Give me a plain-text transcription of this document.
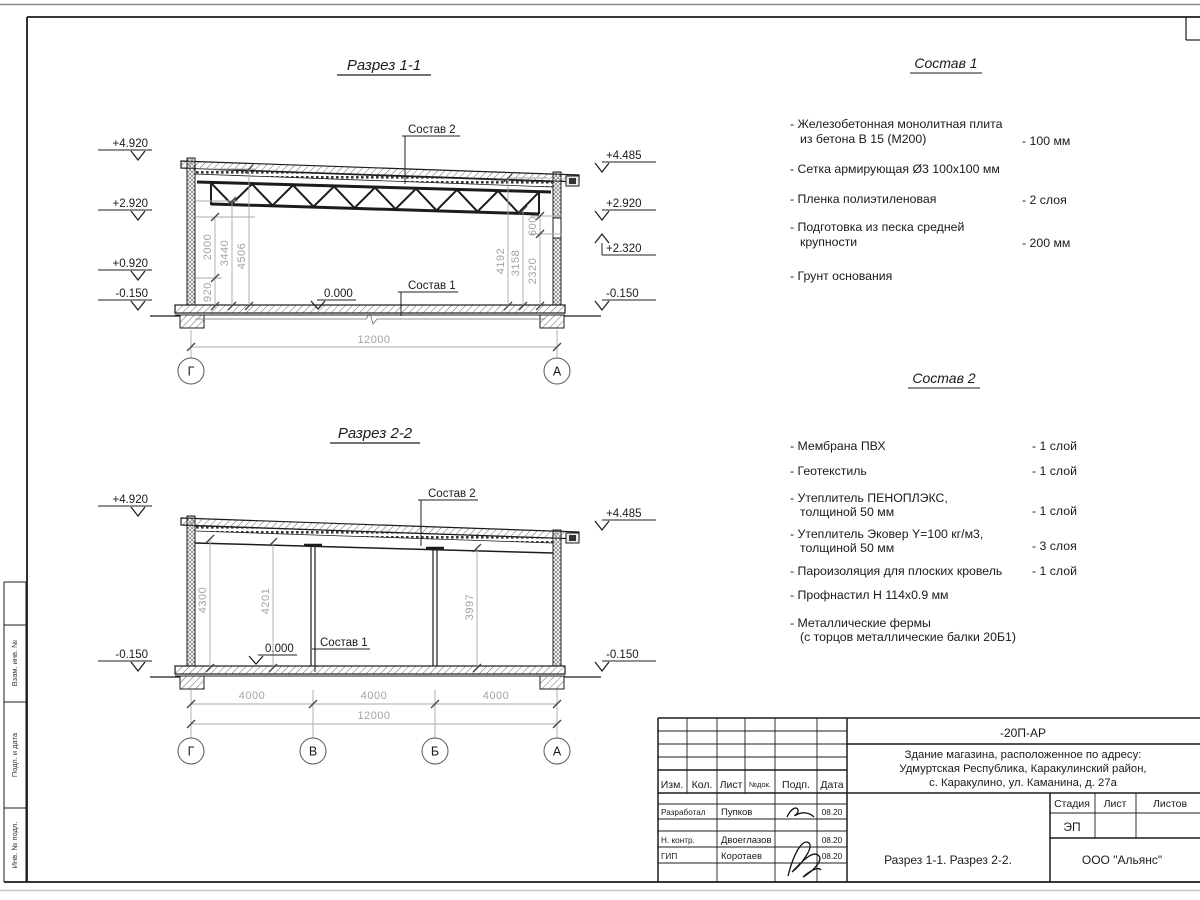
Взам. инв. №
Подп. и дата
Инв. № подл.
Разрез 1-1
2000
920
3440 4506	4192 3158
600
2320
12000
Г	А
+4.920
+2.920
+0.920
-0.150
+4.485
+2.920
+2.320
-0.150
Состав 2
Состав 1
0.000
Разрез 2-2
4300	4201	3997
4000	4000	4000
12000
Г	В	Б	А
+4.920
-0.150
+4.485
-0.150
Состав 2
Состав 1
0.000
Состав 1
- Железобетонная монолитная плита
из бетона В 15 (М200)	- 100 мм
- Сетка армирующая Ø3 100х100 мм
- Пленка полиэтиленовая	- 2 слоя
- Подготовка из песка средней
крупности	- 200 мм
- Грунт основания
Состав 2
- Мембрана ПВХ	- 1 слой
- Геотекстиль	- 1 слой
- Утеплитель ПЕНОПЛЭКС,
толщиной 50 мм	- 1 слой
- Утеплитель Эковер Y=100 кг/м3,
толщиной 50 мм	- 3 слоя
- Пароизоляция для плоских кровель - 1 слой
- Профнастил Н 114х0.9 мм
- Металлические фермы
(с торцов металлические балки 20Б1)
-20П-АР
Здание магазина, расположенное по адресу:
Удмуртская Республика, Каракулинский район,
с. Каракулино, ул. Каманина, д. 27а
Изм. Кол. Лист №док. Подп. Дата
Разработал Пупков	08.20
Н. контр.	Двоеглазов	08.20
ГИП	Коротаев	08.20
Стадия Лист	Листов
ЭП
Разрез 1-1. Разрез 2-2.	ООО "Альянс"
